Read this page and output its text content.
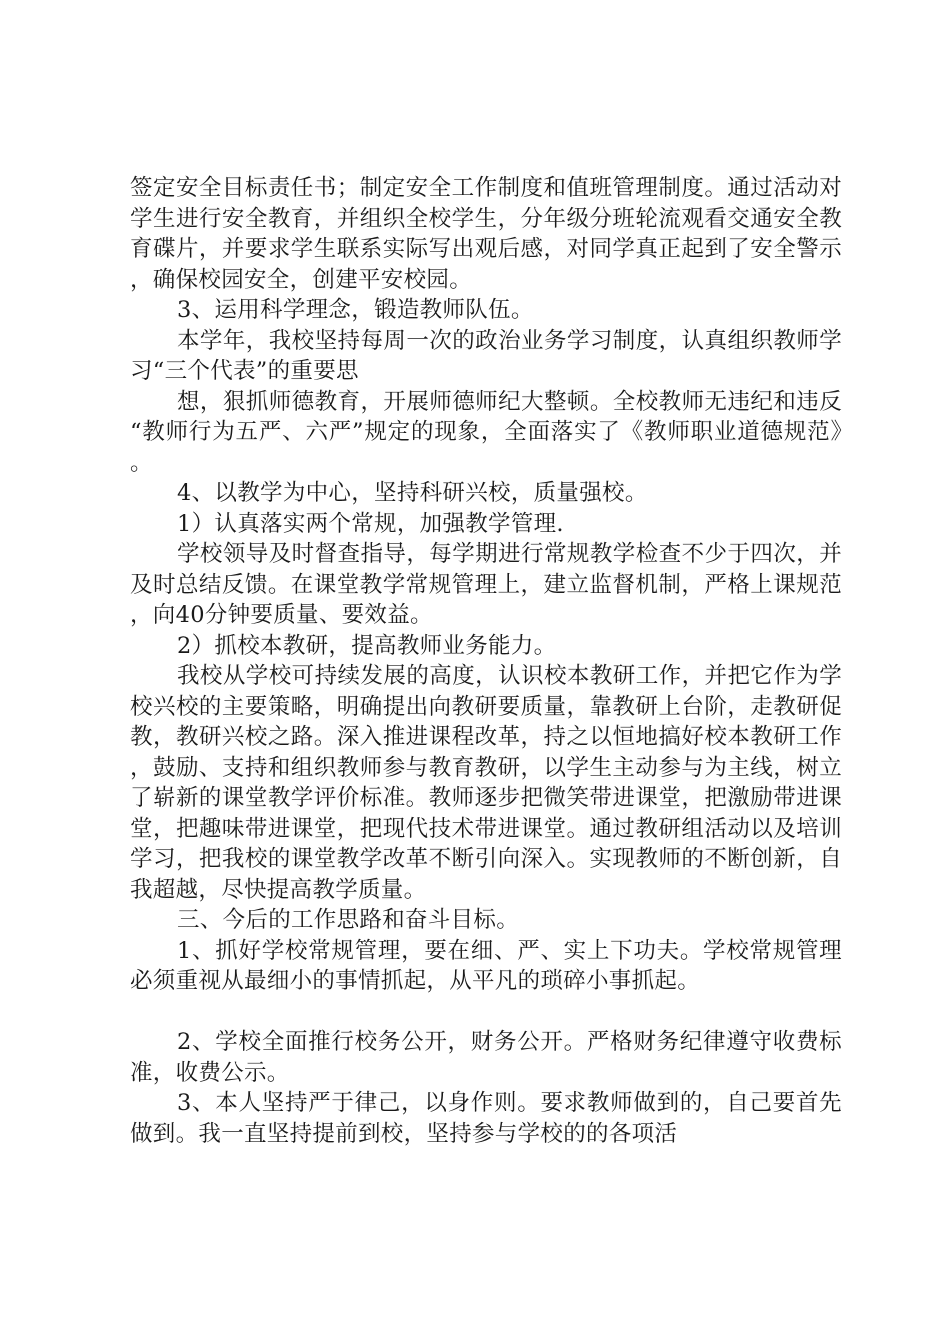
签定安全目标责任书；制定安全工作制度和值班管理制度。通过活动对学生进行安全教育，并组织全校学生，分年级分班轮流观看交通安全教育碟片，并要求学生联系实际写出观后感，对同学真正起到了安全警示，确保校园安全，创建平安校园。

3、运用科学理念，锻造教师队伍。

本学年，我校坚持每周一次的政治业务学习制度，认真组织教师学习“三个代表”的重要思

想，狠抓师德教育，开展师德师纪大整顿。全校教师无违纪和违反“教师行为五严、六严”规定的现象，全面落实了《教师职业道德规范》。

4、以教学为中心，坚持科研兴校，质量强校。

1）认真落实两个常规，加强教学管理.

学校领导及时督查指导，每学期进行常规教学检查不少于四次，并及时总结反馈。在课堂教学常规管理上，建立监督机制，严格上课规范，向40分钟要质量、要效益。

2）抓校本教研，提高教师业务能力。

我校从学校可持续发展的高度，认识校本教研工作，并把它作为学校兴校的主要策略，明确提出向教研要质量，靠教研上台阶，走教研促教，教研兴校之路。深入推进课程改革，持之以恒地搞好校本教研工作，鼓励、支持和组织教师参与教育教研，以学生主动参与为主线，树立了崭新的课堂教学评价标准。教师逐步把微笑带进课堂，把激励带进课堂，把趣味带进课堂，把现代技术带进课堂。通过教研组活动以及培训学习，把我校的课堂教学改革不断引向深入。实现教师的不断创新，自我超越，尽快提高教学质量。

三、今后的工作思路和奋斗目标。

1、抓好学校常规管理，要在细、严、实上下功夫。学校常规管理必须重视从最细小的事情抓起，从平凡的琐碎小事抓起。

2、学校全面推行校务公开，财务公开。严格财务纪律遵守收费标准，收费公示。

3、本人坚持严于律己，以身作则。要求教师做到的，自己要首先做到。我一直坚持提前到校，坚持参与学校的的各项活
